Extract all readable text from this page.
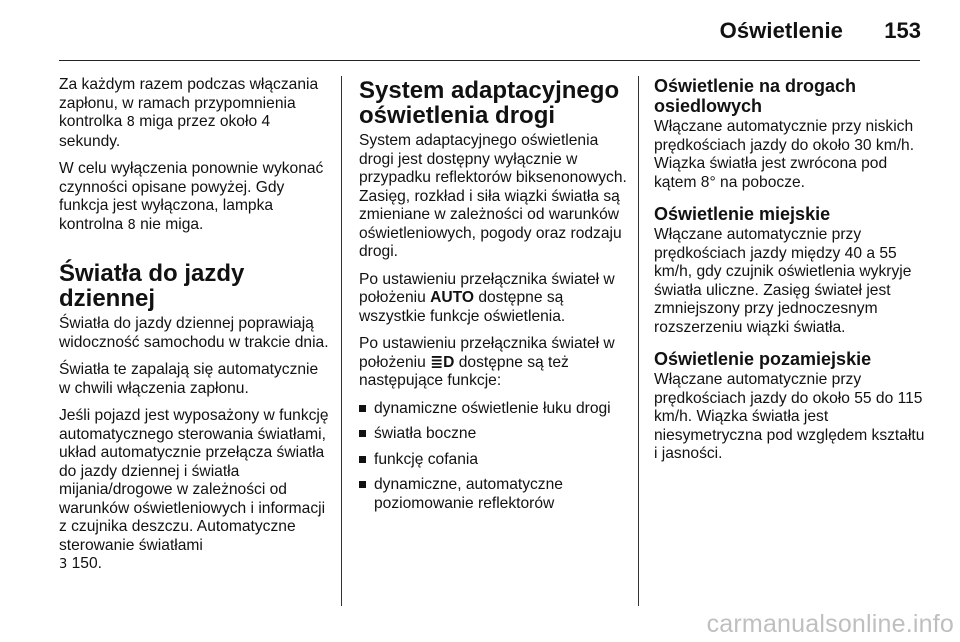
Oświetlenie 153

Za każdym razem podczas włączania zapłonu, w ramach przypomnienia kontrolka 8 miga przez około 4 sekundy.

W celu wyłączenia ponownie wykonać czynności opisane powyżej. Gdy funkcja jest wyłączona, lampka kontrolna 8 nie miga.

Światła do jazdy dziennej

Światła do jazdy dziennej poprawiają widoczność samochodu w trakcie dnia.

Światła te zapalają się automatycznie w chwili włączenia zapłonu.

Jeśli pojazd jest wyposażony w funkcję automatycznego sterowania światłami, układ automatycznie przełącza światła do jazdy dziennej i światła mijania/drogowe w zależności od warunków oświetleniowych i informacji z czujnika deszczu. Automatyczne sterowanie światłami
3 150.

System adaptacyjnego oświetlenia drogi

System adaptacyjnego oświetlenia drogi jest dostępny wyłącznie w przypadku reflektorów biksenonowych. Zasięg, rozkład i siła wiązki światła są zmieniane w zależności od warunków oświetleniowych, pogody oraz rodzaju drogi.

Po ustawieniu przełącznika świateł w położeniu AUTO dostępne są wszystkie funkcje oświetlenia.

Po ustawieniu przełącznika świateł w położeniu ≣D dostępne są też następujące funkcje:

dynamiczne oświetlenie łuku drogi
światła boczne
funkcję cofania
dynamiczne, automatyczne poziomowanie reflektorów
Oświetlenie na drogach osiedlowych
Włączane automatycznie przy niskich prędkościach jazdy do około 30 km/h. Wiązka światła jest zwrócona pod kątem 8° na pobocze.
Oświetlenie miejskie
Włączane automatycznie przy prędkościach jazdy między 40 a 55 km/h, gdy czujnik oświetlenia wykryje światła uliczne. Zasięg świateł jest zmniejszony przy jednoczesnym rozszerzeniu wiązki światła.
Oświetlenie pozamiejskie
Włączane automatycznie przy prędkościach jazdy do około 55 do 115 km/h. Wiązka światła jest niesymetryczna pod względem kształtu i jasności.
carmanualsonline.info
